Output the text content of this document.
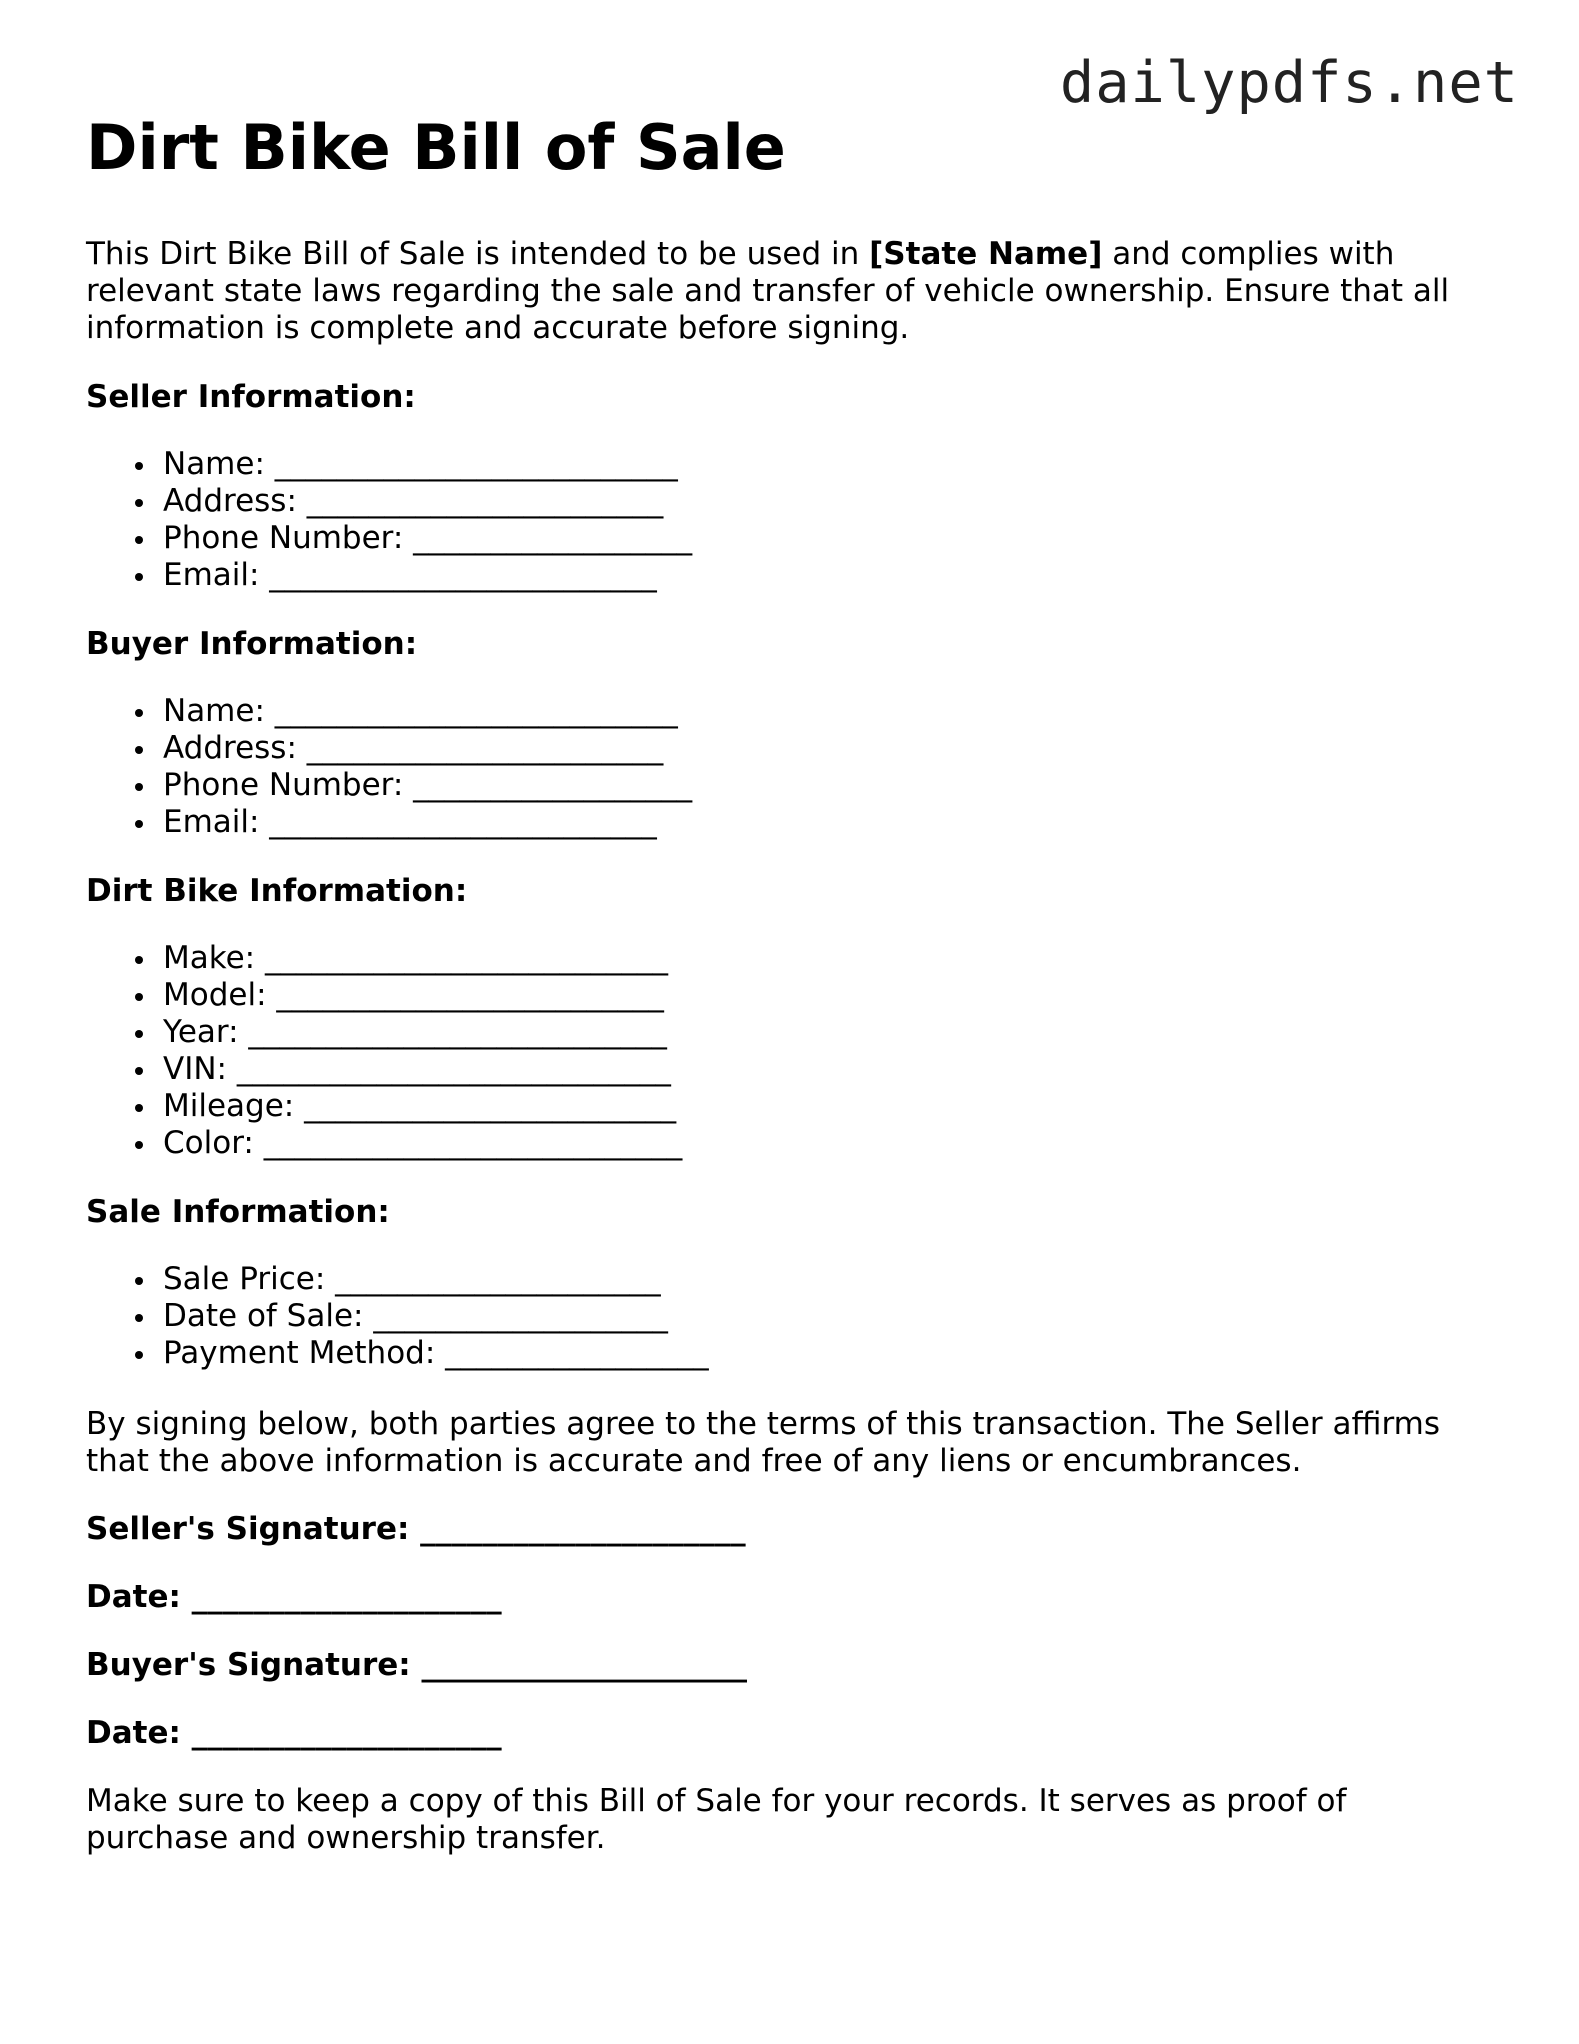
dailypdfs.net
Dirt Bike Bill of Sale

This Dirt Bike Bill of Sale is intended to be used in [State Name] and complies with relevant state laws regarding the sale and transfer of vehicle ownership. Ensure that all information is complete and accurate before signing.

Seller Information:

Name: __________________________
Address: _______________________
Phone Number: __________________
Email: _________________________

Buyer Information:

Name: __________________________
Address: _______________________
Phone Number: __________________
Email: _________________________

Dirt Bike Information:

Make: __________________________
Model: _________________________
Year: ___________________________
VIN: ____________________________
Mileage: ________________________
Color: ___________________________

Sale Information:

Sale Price: _____________________
Date of Sale: ___________________
Payment Method: _________________

By signing below, both parties agree to the terms of this transaction. The Seller affirms that the above information is accurate and free of any liens or encumbrances.

Seller's Signature: _____________________

Date: ____________________

Buyer's Signature: _____________________

Date: ____________________

Make sure to keep a copy of this Bill of Sale for your records. It serves as proof of purchase and ownership transfer.
